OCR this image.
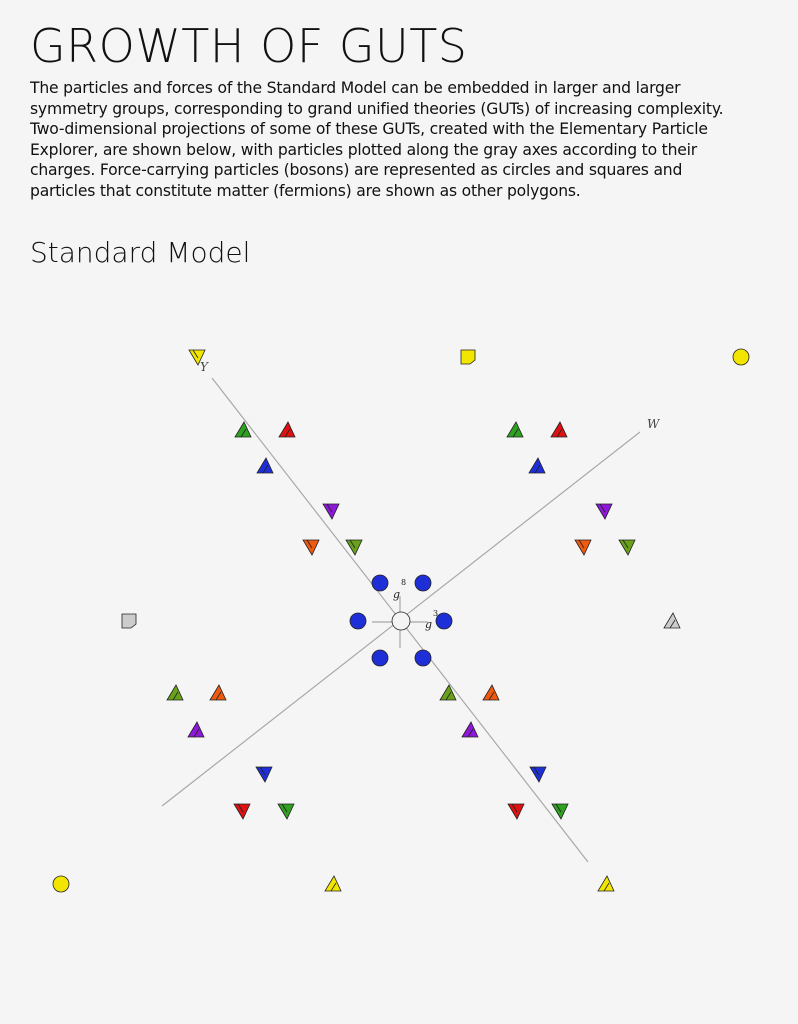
GROWTH OF GUTS
The particles and forces of the Standard Model can be embedded in larger and larger
symmetry groups, corresponding to grand unified theories (GUTs) of increasing complexity.
Two-dimensional projections of some of these GUTs, created with the Elementary Particle
Explorer, are shown below, with particles plotted along the gray axes according to their
charges. Force-carrying particles (bosons) are represented as circles and squares and
particles that constitute matter (fermions) are shown as other polygons.
Standard Model
Y
W
g
8
g
3
